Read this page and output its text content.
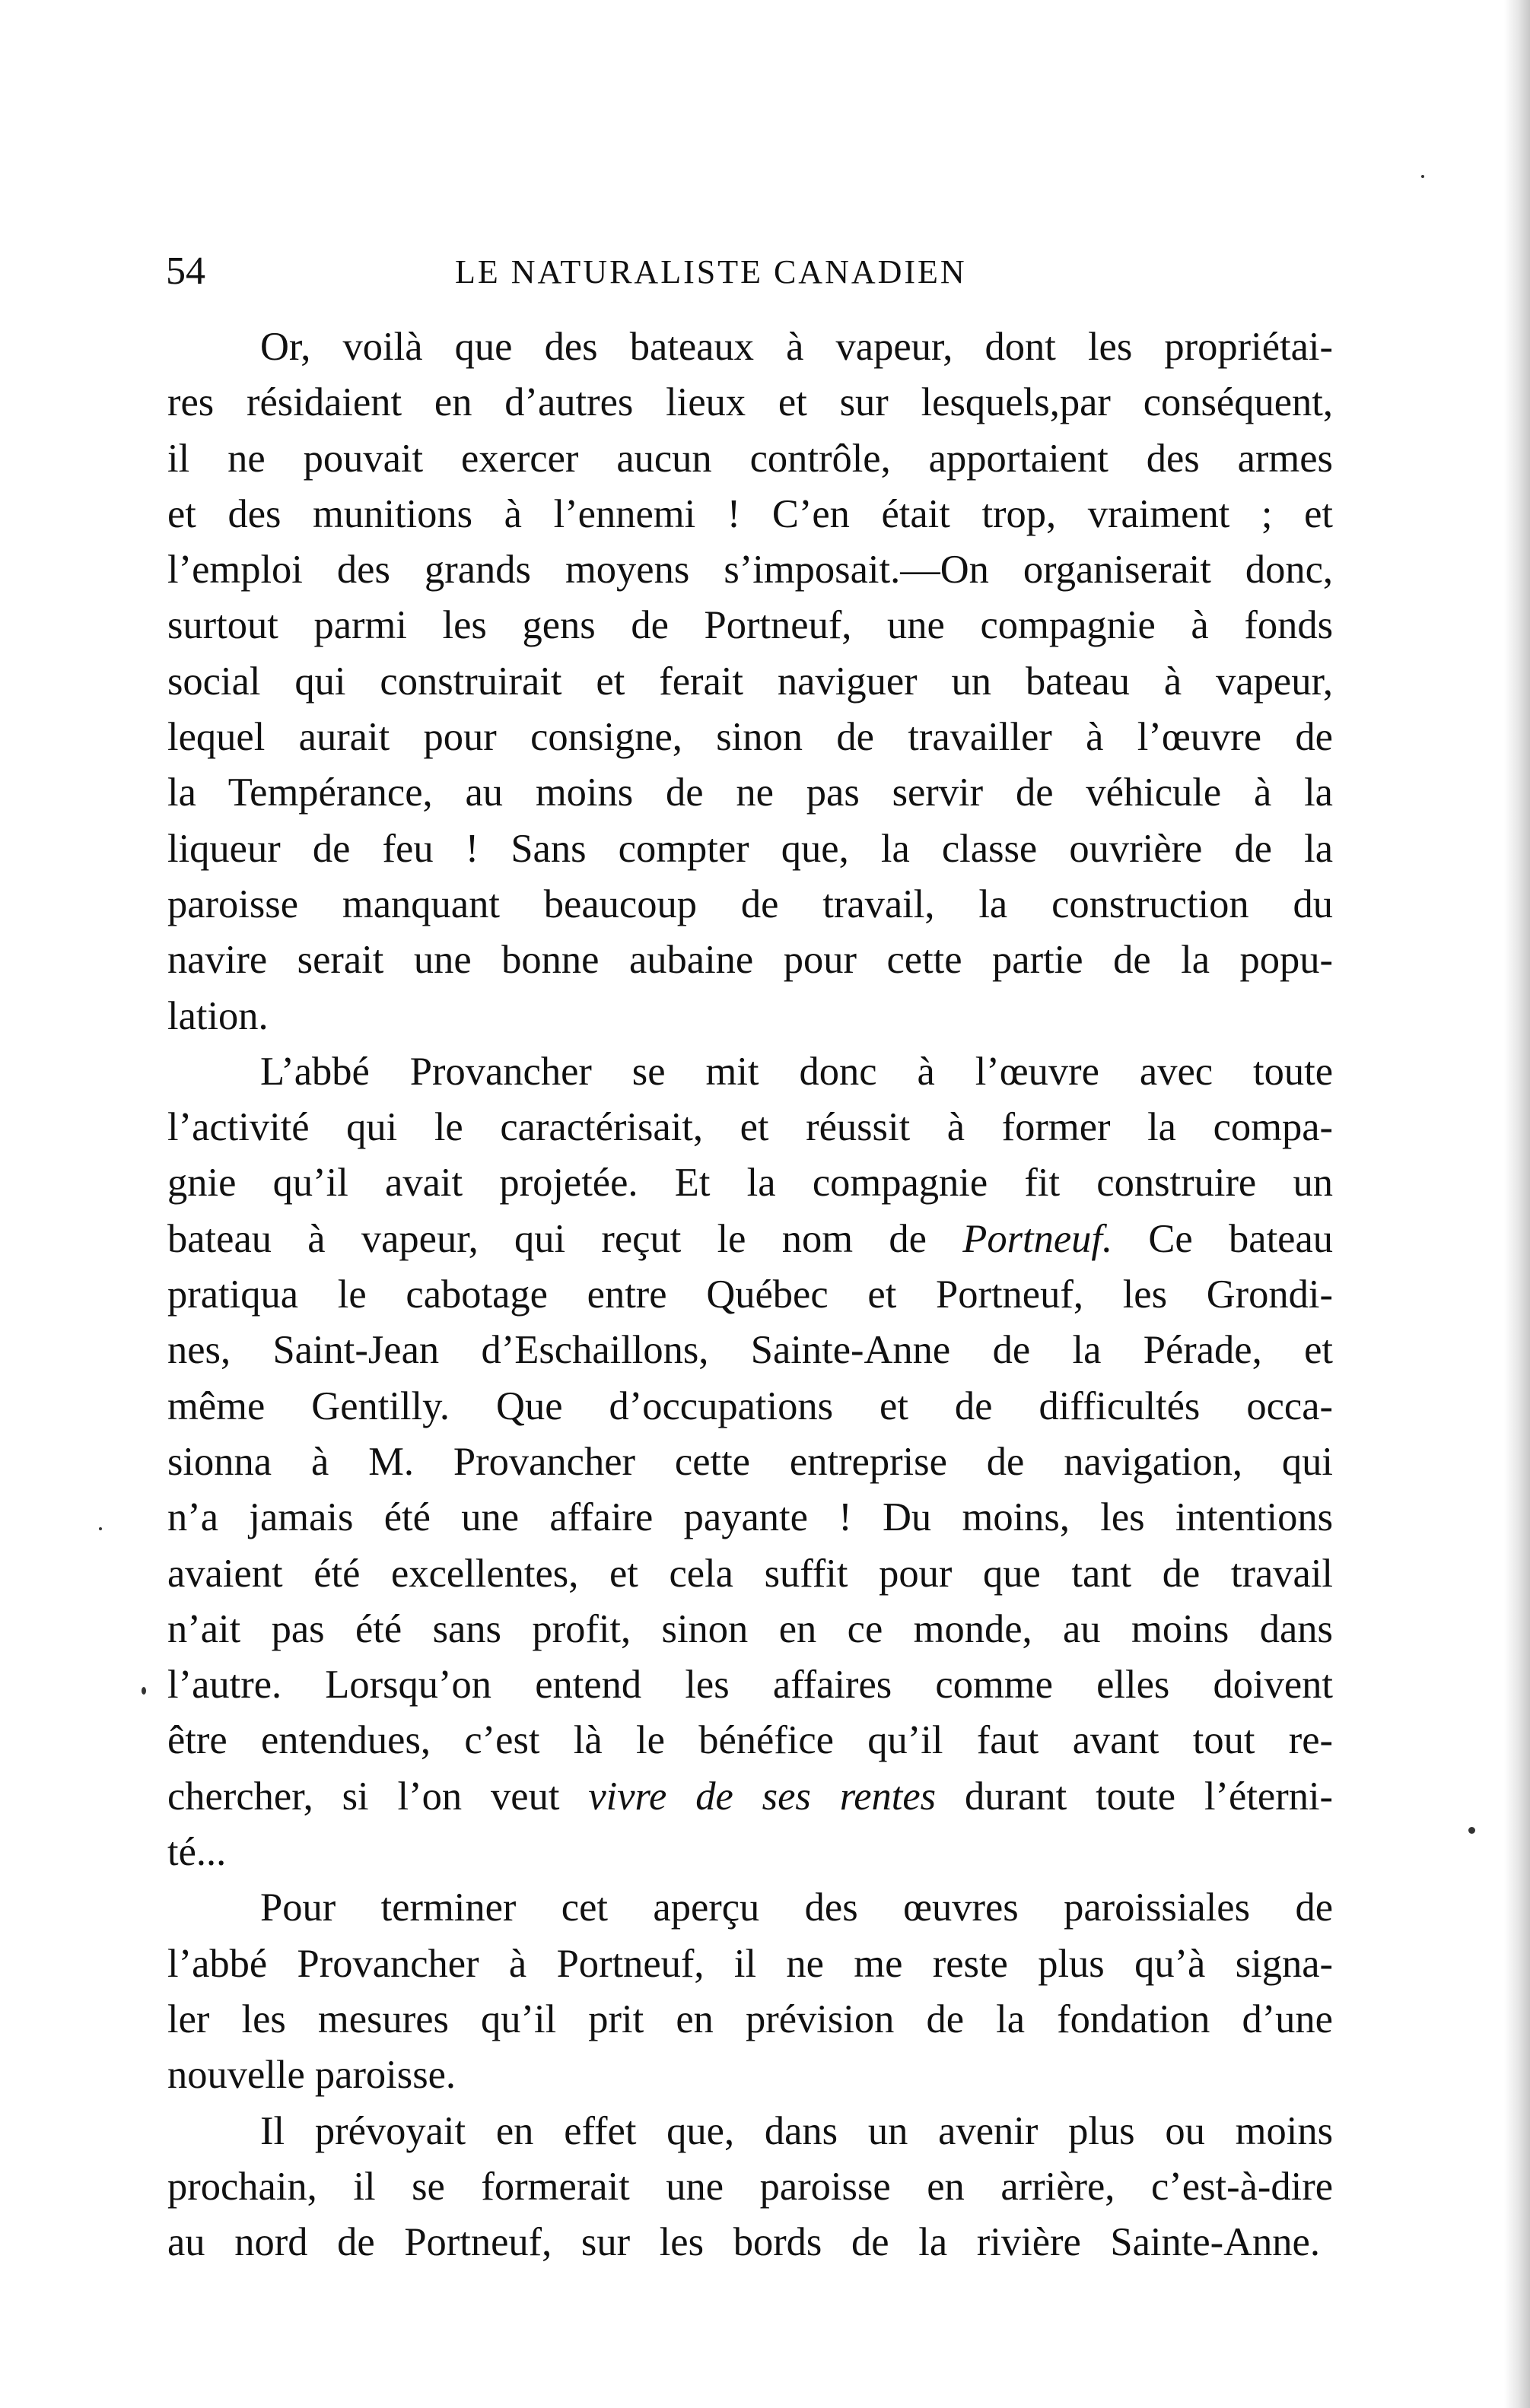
54	LE NATURALISTE CANADIEN
Or, voilà que des bateaux à vapeur, dont les propriétai-
res résidaient en d’autres lieux et sur lesquels,par conséquent,
il ne pouvait exercer aucun contrôle, apportaient des armes
et des munitions à l’ennemi ! C’en était trop, vraiment ; et
l’emploi des grands moyens s’imposait.—On organiserait donc,
surtout parmi les gens de Portneuf, une compagnie à fonds
social qui construirait et ferait naviguer un bateau à vapeur,
lequel aurait pour consigne, sinon de travailler à l’œuvre de
la Tempérance, au moins de ne pas servir de véhicule à la
liqueur de feu ! Sans compter que, la classe ouvrière de la
paroisse manquant beaucoup de travail, la construction du
navire serait une bonne aubaine pour cette partie de la popu-
lation.
L’abbé Provancher se mit donc à l’œuvre avec toute
l’activité qui le caractérisait, et réussit à former la compa-
gnie qu’il avait projetée. Et la compagnie fit construire un
bateau à vapeur, qui reçut le nom de Portneuf. Ce bateau
pratiqua le cabotage entre Québec et Portneuf, les Grondi-
nes, Saint-Jean d’Eschaillons, Sainte-Anne de la Pérade, et
même Gentilly. Que d’occupations et de difficultés occa-
sionna à M. Provancher cette entreprise de navigation, qui
n’a jamais été une affaire payante ! Du moins, les intentions
avaient été excellentes, et cela suffit pour que tant de travail
n’ait pas été sans profit, sinon en ce monde, au moins dans
l’autre. Lorsqu’on entend les affaires comme elles doivent
être entendues, c’est là le bénéfice qu’il faut avant tout re-
chercher, si l’on veut vivre de ses rentes durant toute l’éterni-
té...
Pour terminer cet aperçu des œuvres paroissiales de
l’abbé Provancher à Portneuf, il ne me reste plus qu’à signa-
ler les mesures qu’il prit en prévision de la fondation d’une
nouvelle paroisse.
Il prévoyait en effet que, dans un avenir plus ou moins
prochain, il se formerait une paroisse en arrière, c’est-à-dire
au nord de Portneuf, sur les bords de la rivière Sainte-Anne.
